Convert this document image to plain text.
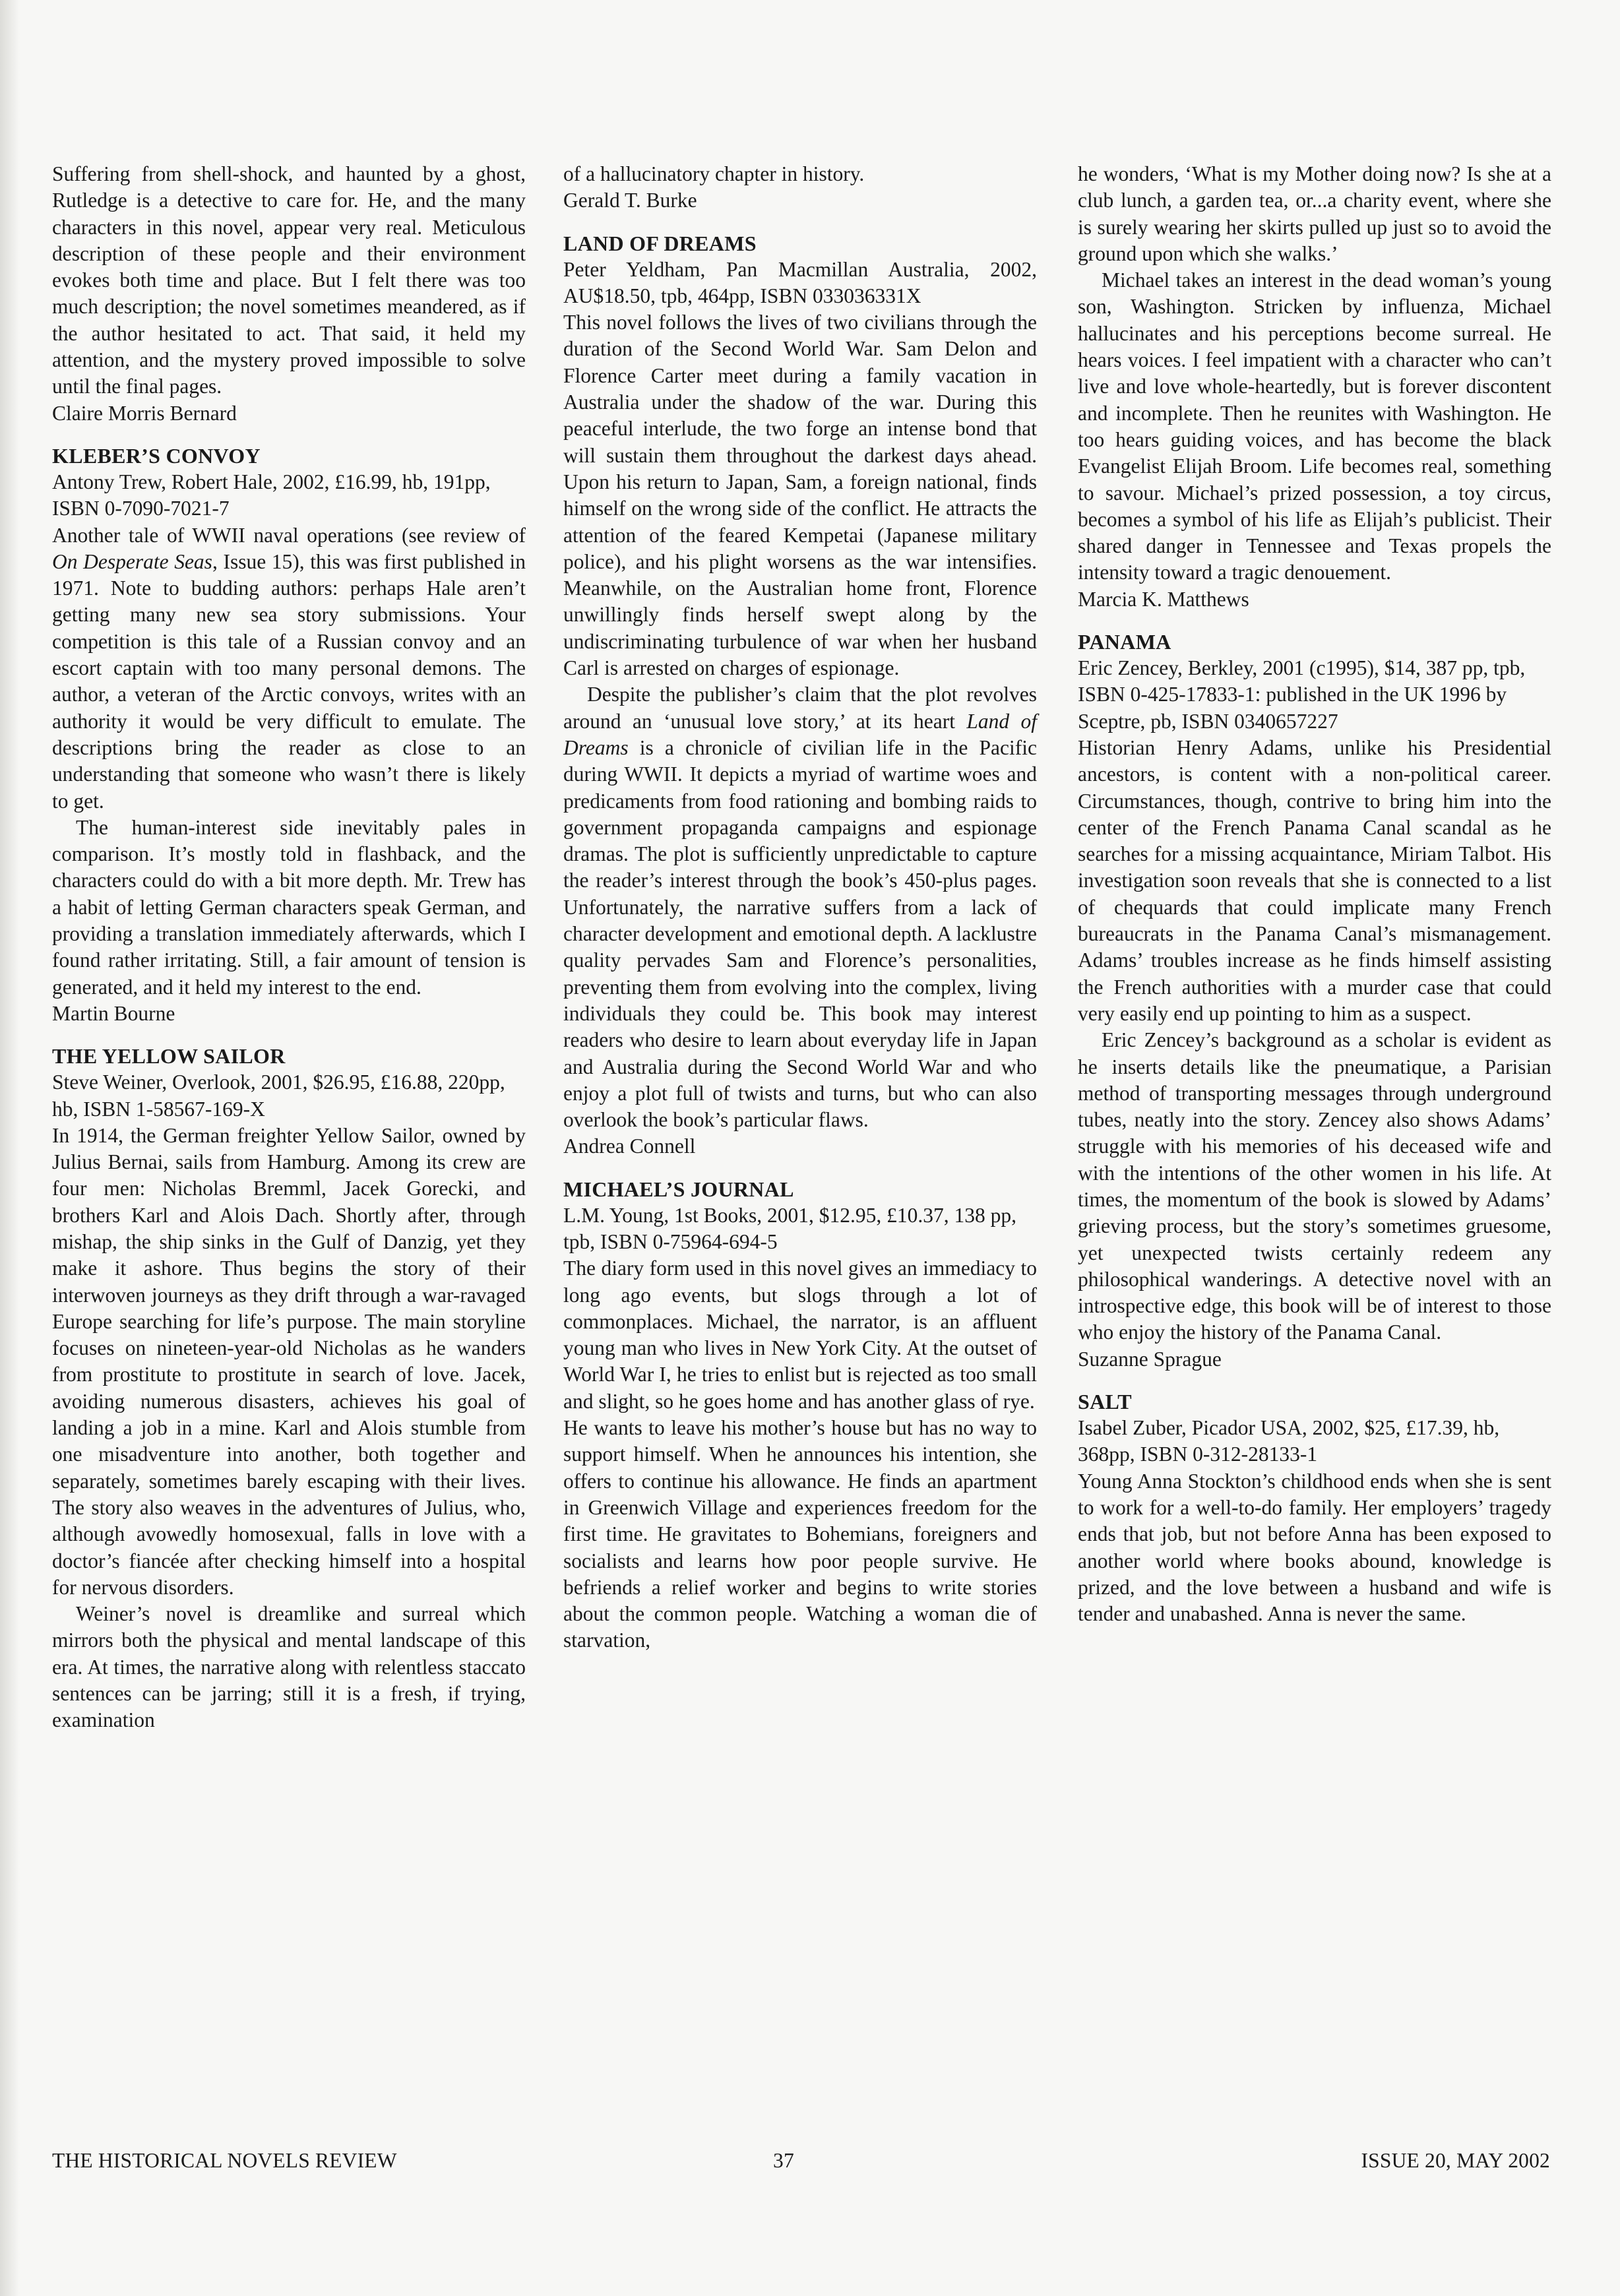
Suffering from shell-shock, and haunted by a ghost, Rutledge is a detective to care for. He, and the many characters in this novel, appear very real. Meticulous description of these people and their environment evokes both time and place. But I felt there was too much description; the novel sometimes meandered, as if the author hesitated to act. That said, it held my attention, and the mystery proved impossible to solve until the final pages.

Claire Morris Bernard

KLEBER’S CONVOY

Antony Trew, Robert Hale, 2002, £16.99, hb, 191pp, ISBN 0-7090-7021-7

Another tale of WWII naval operations (see review of On Desperate Seas, Issue 15), this was first published in 1971. Note to budding authors: perhaps Hale aren’t getting many new sea story submissions. Your competition is this tale of a Russian convoy and an escort captain with too many personal demons. The author, a veteran of the Arctic convoys, writes with an authority it would be very difficult to emulate. The descriptions bring the reader as close to an understanding that someone who wasn’t there is likely to get.

The human-interest side inevitably pales in comparison. It’s mostly told in flashback, and the characters could do with a bit more depth. Mr. Trew has a habit of letting German characters speak German, and providing a translation immediately afterwards, which I found rather irritating. Still, a fair amount of tension is generated, and it held my interest to the end.

Martin Bourne

THE YELLOW SAILOR

Steve Weiner, Overlook, 2001, $26.95, £16.88, 220pp, hb, ISBN 1-58567-169-X

In 1914, the German freighter Yellow Sailor, owned by Julius Bernai, sails from Hamburg. Among its crew are four men: Nicholas Bremml, Jacek Gorecki, and brothers Karl and Alois Dach. Shortly after, through mishap, the ship sinks in the Gulf of Danzig, yet they make it ashore. Thus begins the story of their interwoven journeys as they drift through a war-ravaged Europe searching for life’s purpose. The main storyline focuses on nineteen-year-old Nicholas as he wanders from prostitute to prostitute in search of love. Jacek, avoiding numerous disasters, achieves his goal of landing a job in a mine. Karl and Alois stumble from one misadventure into another, both together and separately, sometimes barely escaping with their lives. The story also weaves in the adventures of Julius, who, although avowedly homosexual, falls in love with a doctor’s fiancée after checking himself into a hospital for nervous disorders.

Weiner’s novel is dreamlike and surreal which mirrors both the physical and mental landscape of this era. At times, the narrative along with relentless staccato sentences can be jarring; still it is a fresh, if trying, examination

of a hallucinatory chapter in history.

Gerald T. Burke

LAND OF DREAMS

Peter Yeldham, Pan Macmillan Australia, 2002, AU$18.50, tpb, 464pp, ISBN 033036331X

This novel follows the lives of two civilians through the duration of the Second World War. Sam Delon and Florence Carter meet during a family vacation in Australia under the shadow of the war. During this peaceful interlude, the two forge an intense bond that will sustain them throughout the darkest days ahead. Upon his return to Japan, Sam, a foreign national, finds himself on the wrong side of the conflict. He attracts the attention of the feared Kempetai (Japanese military police), and his plight worsens as the war intensifies. Meanwhile, on the Australian home front, Florence unwillingly finds herself swept along by the undiscriminating turbulence of war when her husband Carl is arrested on charges of espionage.

Despite the publisher’s claim that the plot revolves around an ‘unusual love story,’ at its heart Land of Dreams is a chronicle of civilian life in the Pacific during WWII. It depicts a myriad of wartime woes and predicaments from food rationing and bombing raids to government propaganda campaigns and espionage dramas. The plot is sufficiently unpredictable to capture the reader’s interest through the book’s 450-plus pages. Unfortunately, the narrative suffers from a lack of character development and emotional depth. A lacklustre quality pervades Sam and Florence’s personalities, preventing them from evolving into the complex, living individuals they could be. This book may interest readers who desire to learn about everyday life in Japan and Australia during the Second World War and who enjoy a plot full of twists and turns, but who can also overlook the book’s particular flaws.

Andrea Connell

MICHAEL’S JOURNAL

L.M. Young, 1st Books, 2001, $12.95, £10.37, 138 pp, tpb, ISBN 0-75964-694-5

The diary form used in this novel gives an immediacy to long ago events, but slogs through a lot of commonplaces. Michael, the narrator, is an affluent young man who lives in New York City. At the outset of World War I, he tries to enlist but is rejected as too small and slight, so he goes home and has another glass of rye.

He wants to leave his mother’s house but has no way to support himself. When he announces his intention, she offers to continue his allowance. He finds an apartment in Greenwich Village and experiences freedom for the first time. He gravitates to Bohemians, foreigners and socialists and learns how poor people survive. He befriends a relief worker and begins to write stories about the common people. Watching a woman die of starvation,

he wonders, ‘What is my Mother doing now? Is she at a club lunch, a garden tea, or...a charity event, where she is surely wearing her skirts pulled up just so to avoid the ground upon which she walks.’

Michael takes an interest in the dead woman’s young son, Washington. Stricken by influenza, Michael hallucinates and his perceptions become surreal. He hears voices. I feel impatient with a character who can’t live and love whole-heartedly, but is forever discontent and incomplete. Then he reunites with Washington. He too hears guiding voices, and has become the black Evangelist Elijah Broom. Life becomes real, something to savour. Michael’s prized possession, a toy circus, becomes a symbol of his life as Elijah’s publicist. Their shared danger in Tennessee and Texas propels the intensity toward a tragic denouement.

Marcia K. Matthews

PANAMA

Eric Zencey, Berkley, 2001 (c1995), $14, 387 pp, tpb, ISBN 0-425-17833-1: published in the UK 1996 by Sceptre, pb, ISBN 0340657227

Historian Henry Adams, unlike his Presidential ancestors, is content with a non-political career. Circumstances, though, contrive to bring him into the center of the French Panama Canal scandal as he searches for a missing acquaintance, Miriam Talbot. His investigation soon reveals that she is connected to a list of chequards that could implicate many French bureaucrats in the Panama Canal’s mismanagement. Adams’ troubles increase as he finds himself assisting the French authorities with a murder case that could very easily end up pointing to him as a suspect.

Eric Zencey’s background as a scholar is evident as he inserts details like the pneumatique, a Parisian method of transporting messages through underground tubes, neatly into the story. Zencey also shows Adams’ struggle with his memories of his deceased wife and with the intentions of the other women in his life. At times, the momentum of the book is slowed by Adams’ grieving process, but the story’s sometimes gruesome, yet unexpected twists certainly redeem any philosophical wanderings. A detective novel with an introspective edge, this book will be of interest to those who enjoy the history of the Panama Canal.

Suzanne Sprague

SALT

Isabel Zuber, Picador USA, 2002, $25, £17.39, hb, 368pp, ISBN 0-312-28133-1

Young Anna Stockton’s childhood ends when she is sent to work for a well-to-do family. Her employers’ tragedy ends that job, but not before Anna has been exposed to another world where books abound, knowledge is prized, and the love between a husband and wife is tender and unabashed. Anna is never the same.

THE HISTORICAL NOVELS REVIEW	37	ISSUE 20, MAY 2002
